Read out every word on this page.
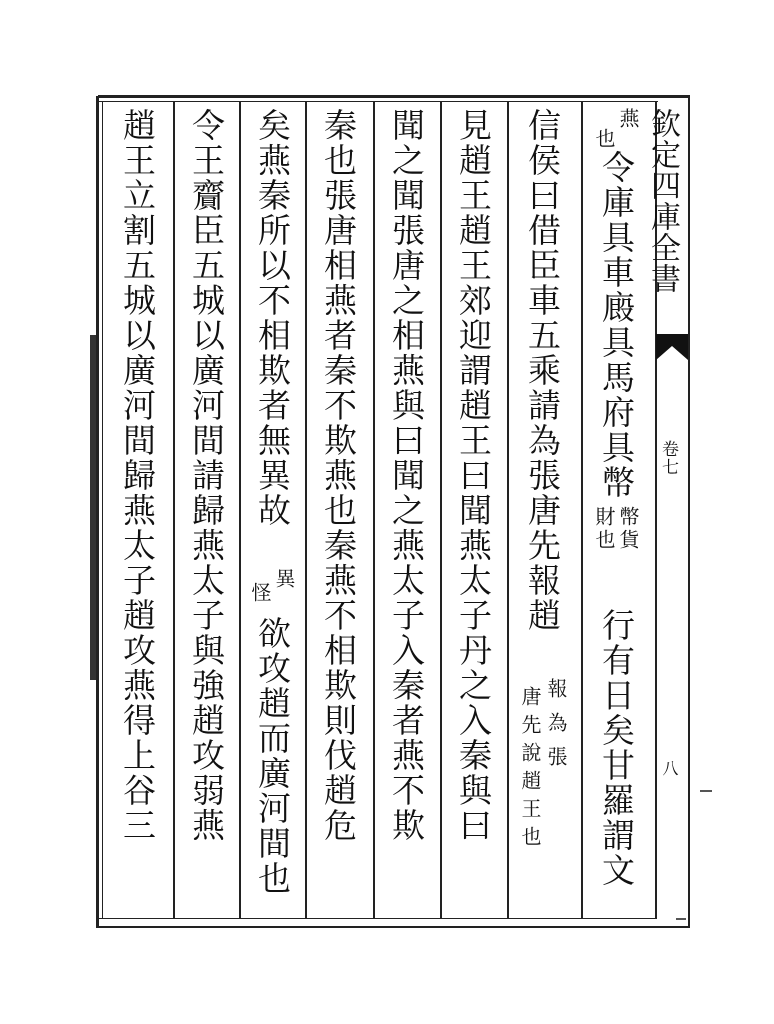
欽定四庫全書
卷七
八
燕
也
令庫具車廄具馬府具幣
幣貨
財也
行有日矣甘羅謂文
信侯曰借臣車五乘請為張唐先報趙
報為張
唐先說趙王也
見趙王趙王郊迎謂趙王曰聞燕太子丹之入秦與曰
聞之聞張唐之相燕與曰聞之燕太子入秦者燕不欺
秦也張唐相燕者秦不欺燕也秦燕不相欺則伐趙危
矣燕秦所以不相欺者無異故
異
怪
欲攻趙而廣河間也
令王齎臣五城以廣河間請歸燕太子與強趙攻弱燕
趙王立割五城以廣河間歸燕太子趙攻燕得上谷三
